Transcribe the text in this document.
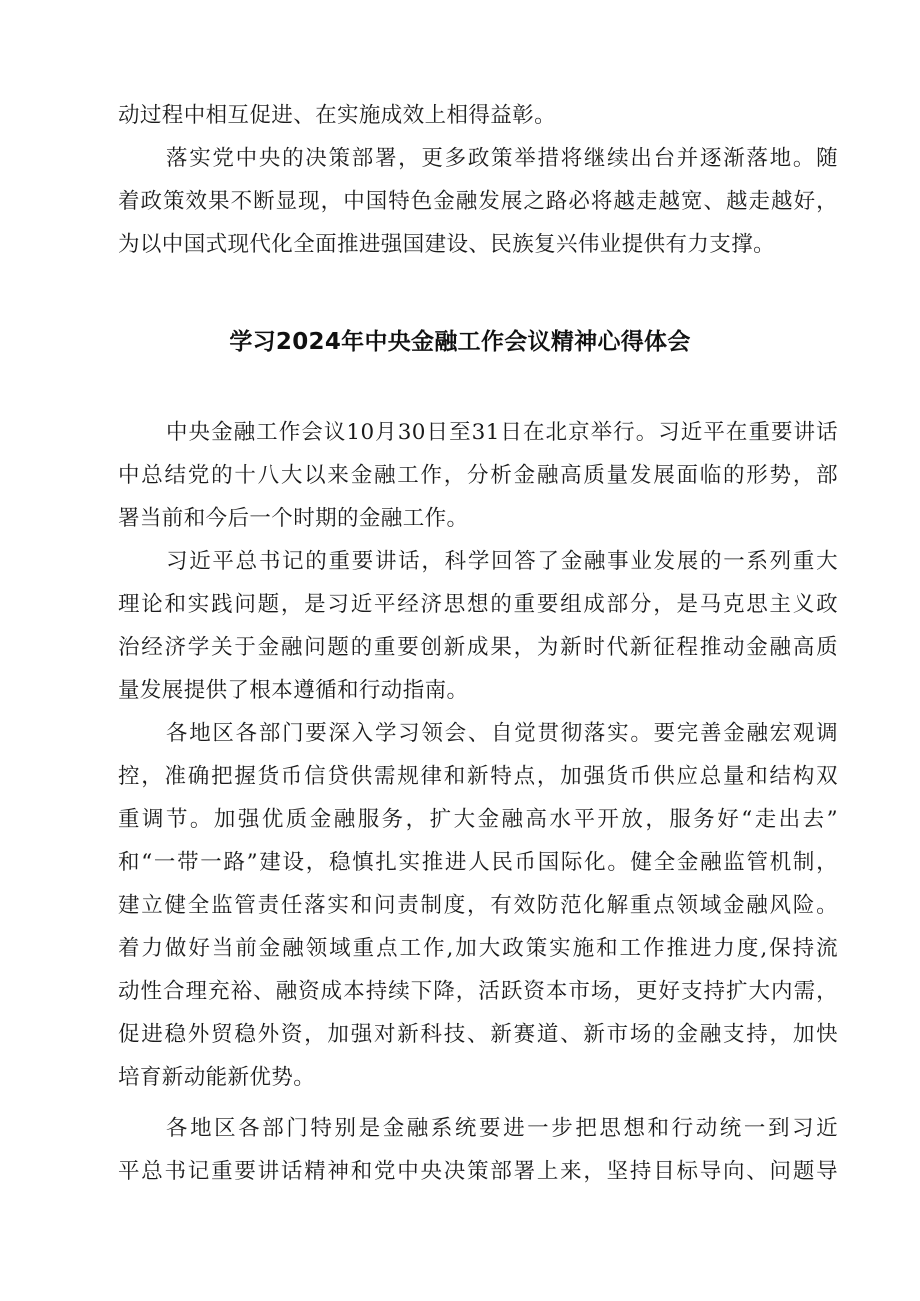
动过程中相互促进、在实施成效上相得益彰。
落实党中央的决策部署，更多政策举措将继续出台并逐渐落地。随
着政策效果不断显现，中国特色金融发展之路必将越走越宽、越走越好，
为以中国式现代化全面推进强国建设、民族复兴伟业提供有力支撑。
学习2024年中央金融工作会议精神心得体会
中央金融工作会议10月30日至31日在北京举行。习近平在重要讲话
中总结党的十八大以来金融工作，分析金融高质量发展面临的形势，部
署当前和今后一个时期的金融工作。
习近平总书记的重要讲话，科学回答了金融事业发展的一系列重大
理论和实践问题，是习近平经济思想的重要组成部分，是马克思主义政
治经济学关于金融问题的重要创新成果，为新时代新征程推动金融高质
量发展提供了根本遵循和行动指南。
各地区各部门要深入学习领会、自觉贯彻落实。要完善金融宏观调
控，准确把握货币信贷供需规律和新特点，加强货币供应总量和结构双
重调节。加强优质金融服务，扩大金融高水平开放，服务好“走出去”
和“一带一路”建设，稳慎扎实推进人民币国际化。健全金融监管机制，
建立健全监管责任落实和问责制度，有效防范化解重点领域金融风险。
着力做好当前金融领域重点工作,加大政策实施和工作推进力度,保持流
动性合理充裕、融资成本持续下降，活跃资本市场，更好支持扩大内需，
促进稳外贸稳外资，加强对新科技、新赛道、新市场的金融支持，加快
培育新动能新优势。
各地区各部门特别是金融系统要进一步把思想和行动统一到习近
平总书记重要讲话精神和党中央决策部署上来，坚持目标导向、问题导
